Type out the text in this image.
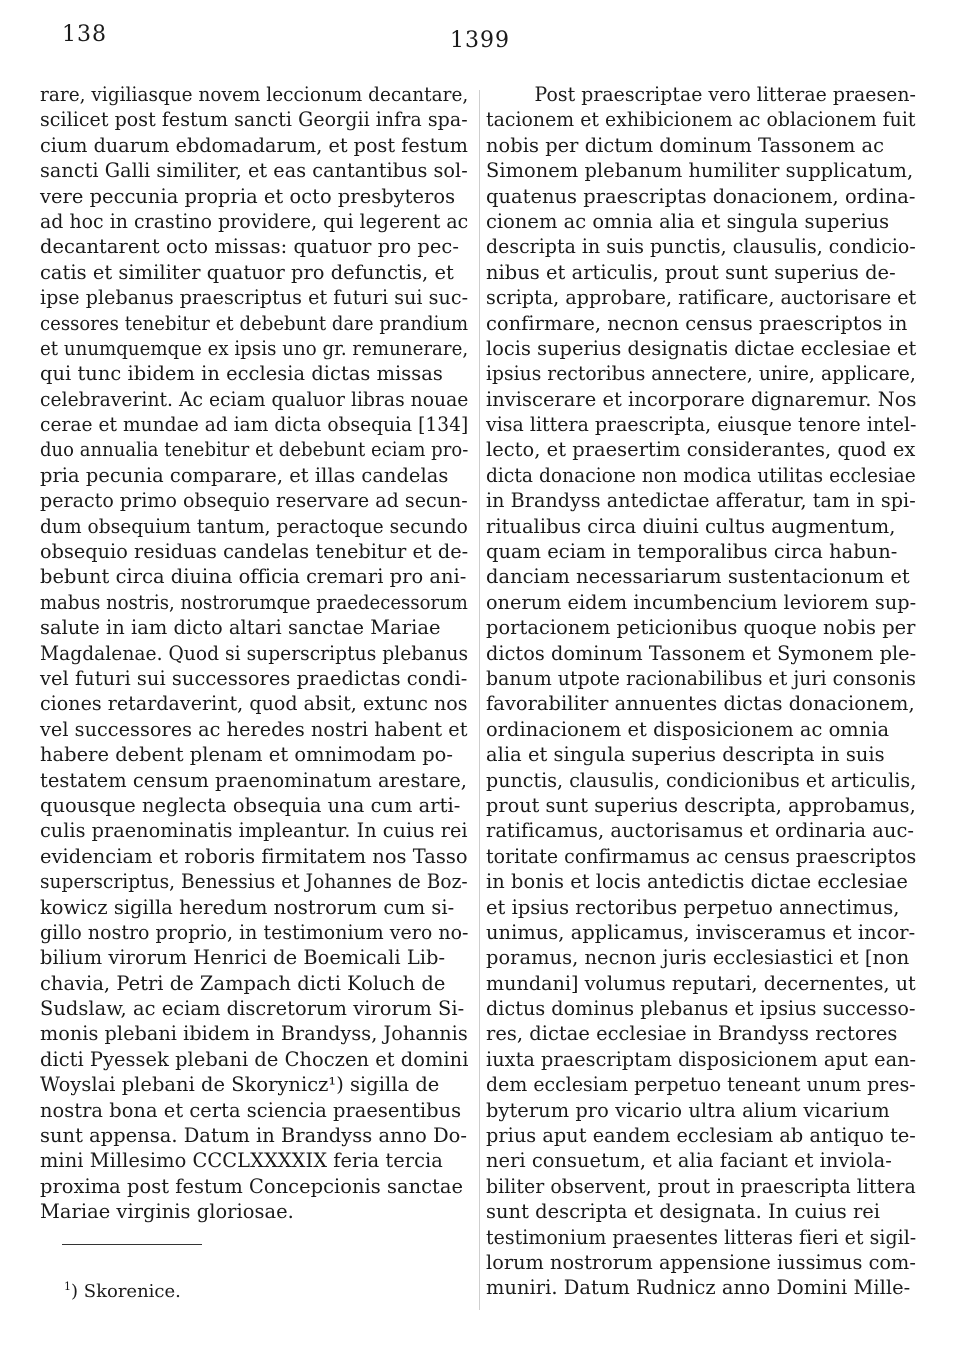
138	1399
rare, vigiliasque novem leccionum decantare,
scilicet post festum sancti Georgii infra spa-
cium duarum ebdomadarum, et post festum
sancti Galli similiter, et eas cantantibus sol-
vere peccunia propria et octo presbyteros
ad hoc in crastino providere, qui legerent ac
decantarent octo missas: quatuor pro pec-
catis et similiter quatuor pro defunctis, et
ipse plebanus praescriptus et futuri sui suc-
cessores tenebitur et debebunt dare prandium
et unumquemque ex ipsis uno gr. remunerare,
qui tunc ibidem in ecclesia dictas missas
celebraverint. Ac eciam qualuor libras nouae
cerae et mundae ad iam dicta obsequia [134]
duo annualia tenebitur et debebunt eciam pro-
pria pecunia comparare, et illas candelas
peracto primo obsequio reservare ad secun-
dum obsequium tantum, peractoque secundo
obsequio residuas candelas tenebitur et de-
bebunt circa diuina officia cremari pro ani-
mabus nostris, nostrorumque praedecessorum
salute in iam dicto altari sanctae Mariae
Magdalenae. Quod si superscriptus plebanus
vel futuri sui successores praedictas condi-
ciones retardaverint, quod absit, extunc nos
vel successores ac heredes nostri habent et
habere debent plenam et omnimodam po-
testatem censum praenominatum arestare,
quousque neglecta obsequia una cum arti-
culis praenominatis impleantur. In cuius rei
evidenciam et roboris firmitatem nos Tasso
superscriptus, Benessius et Johannes de Boz-
kowicz sigilla heredum nostrorum cum si-
gillo nostro proprio, in testimonium vero no-
bilium virorum Henrici de Boemicali Lib-
chavia, Petri de Zampach dicti Koluch de
Sudslaw, ac eciam discretorum virorum Si-
monis plebani ibidem in Brandyss, Johannis
dicti Pyessek plebani de Choczen et domini
Woyslai plebani de Skorynicz¹) sigilla de
nostra bona et certa sciencia praesentibus
sunt appensa. Datum in Brandyss anno Do-
mini Millesimo CCCLXXXXIX feria tercia
proxima post festum Concepcionis sanctae
Mariae virginis gloriosae.
Post praescriptae vero litterae praesen-
tacionem et exhibicionem ac oblacionem fuit
nobis per dictum dominum Tassonem ac
Simonem plebanum humiliter supplicatum,
quatenus praescriptas donacionem, ordina-
cionem ac omnia alia et singula superius
descripta in suis punctis, clausulis, condicio-
nibus et articulis, prout sunt superius de-
scripta, approbare, ratificare, auctorisare et
confirmare, necnon census praescriptos in
locis superius designatis dictae ecclesiae et
ipsius rectoribus annectere, unire, applicare,
inviscerare et incorporare dignaremur. Nos
visa littera praescripta, eiusque tenore intel-
lecto, et praesertim considerantes, quod ex
dicta donacione non modica utilitas ecclesiae
in Brandyss antedictae afferatur, tam in spi-
ritualibus circa diuini cultus augmentum,
quam eciam in temporalibus circa habun-
danciam necessariarum sustentacionum et
onerum eidem incumbencium leviorem sup-
portacionem peticionibus quoque nobis per
dictos dominum Tassonem et Symonem ple-
banum utpote racionabilibus et juri consonis
favorabiliter annuentes dictas donacionem,
ordinacionem et disposicionem ac omnia
alia et singula superius descripta in suis
punctis, clausulis, condicionibus et articulis,
prout sunt superius descripta, approbamus,
ratificamus, auctorisamus et ordinaria auc-
toritate confirmamus ac census praescriptos
in bonis et locis antedictis dictae ecclesiae
et ipsius rectoribus perpetuo annectimus,
unimus, applicamus, invisceramus et incor-
poramus, necnon juris ecclesiastici et [non
mundani] volumus reputari, decernentes, ut
dictus dominus plebanus et ipsius successo-
res, dictae ecclesiae in Brandyss rectores
iuxta praescriptam disposicionem aput ean-
dem ecclesiam perpetuo teneant unum pres-
byterum pro vicario ultra alium vicarium
prius aput eandem ecclesiam ab antiquo te-
neri consuetum, et alia faciant et inviola-
biliter observent, prout in praescripta littera
sunt descripta et designata. In cuius rei
testimonium praesentes litteras fieri et sigil-
lorum nostrorum appensione iussimus com-
muniri. Datum Rudnicz anno Domini Mille-
$^1$) Skorenice.
